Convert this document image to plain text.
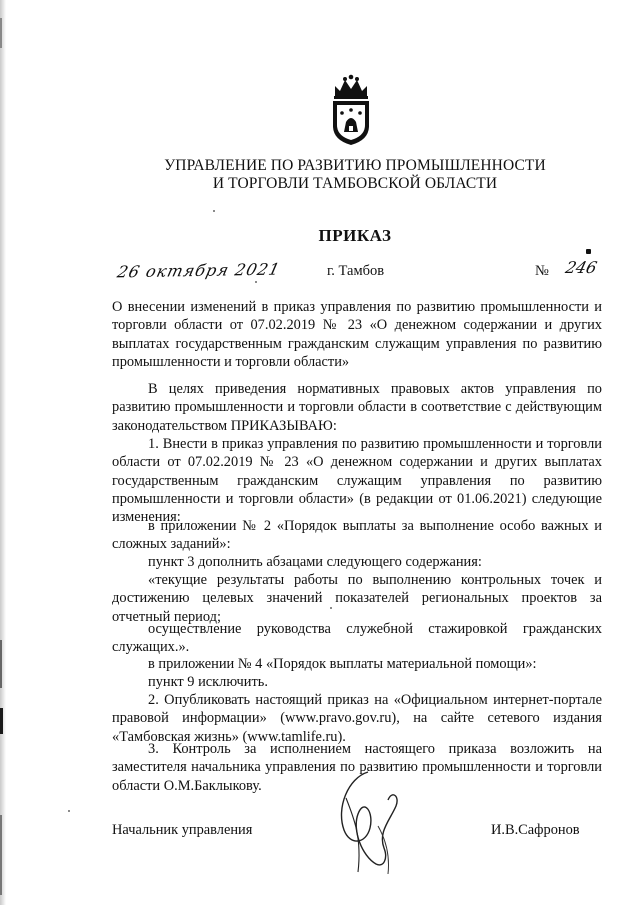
УПРАВЛЕНИЕ ПО РАЗВИТИЮ ПРОМЫШЛЕННОСТИ
И ТОРГОВЛИ ТАМБОВСКОЙ ОБЛАСТИ
ПРИКАЗ
26 октября 2021	г. Тамбов	№ 246
О внесении изменений в приказ управления по развитию промышленности и торговли области от 07.02.2019 № 23 «О денежном содержании и других выплатах государственным гражданским служащим управления по развитию промышленности и торговли области»
В целях приведения нормативных правовых актов управления по развитию промышленности и торговли области в соответствие с действующим законодательством ПРИКАЗЫВАЮ:
1. Внести в приказ управления по развитию промышленности и торговли области от 07.02.2019 № 23 «О денежном содержании и других выплатах государственным гражданским служащим управления по развитию промышленности и торговли области» (в редакции от 01.06.2021) следующие изменения:
в приложении № 2 «Порядок выплаты за выполнение особо важных и сложных заданий»:
пункт 3 дополнить абзацами следующего содержания:
«текущие результаты работы по выполнению контрольных точек и достижению целевых значений показателей региональных проектов за отчетный период;
осуществление руководства служебной стажировкой гражданских служащих.».
в приложении № 4 «Порядок выплаты материальной помощи»:
пункт 9 исключить.
2. Опубликовать настоящий приказ на «Официальном интернет-портале правовой информации» (www.pravo.gov.ru), на сайте сетевого издания «Тамбовская жизнь» (www.tamlife.ru).
3. Контроль за исполнением настоящего приказа возложить на заместителя начальника управления по развитию промышленности и торговли области О.М.Баклыкову.
Начальник управления	И.В.Сафронов
